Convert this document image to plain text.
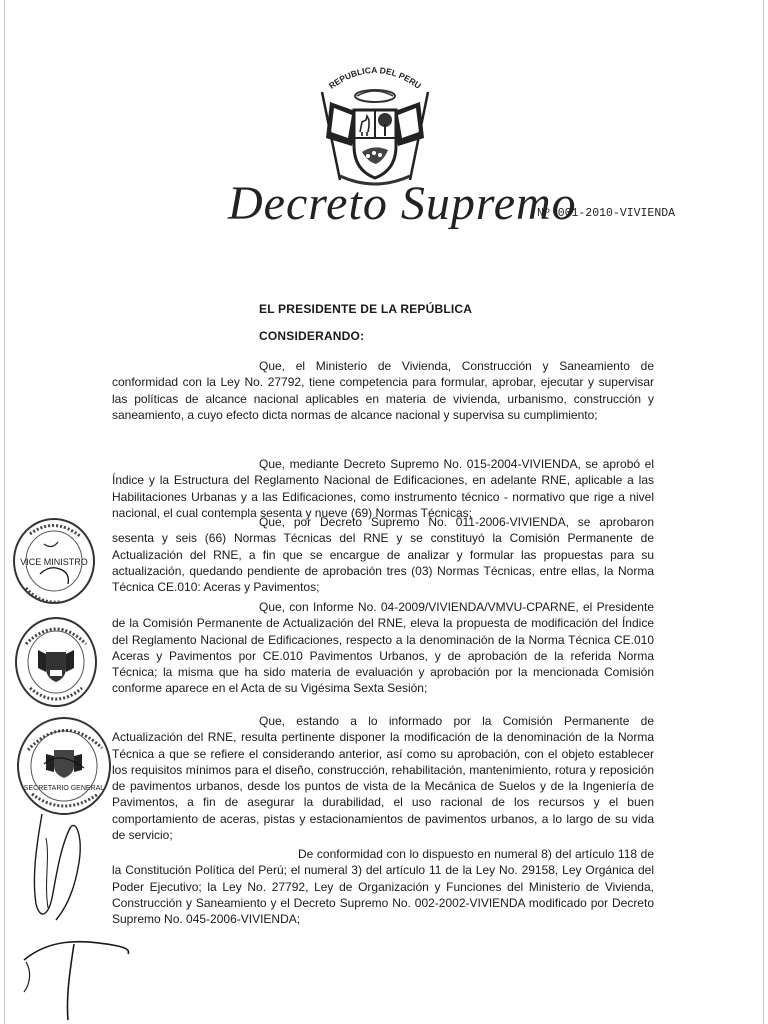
REPUBLICA DEL PERU
Decreto Supremo
Nº 001-2010-VIVIENDA
EL PRESIDENTE DE LA REPÚBLICA
CONSIDERANDO:

Que, el Ministerio de Vivienda, Construcción y Saneamiento de conformidad con la Ley No. 27792, tiene competencia para formular, aprobar, ejecutar y supervisar las políticas de alcance nacional aplicables en materia de vivienda, urbanismo, construcción y saneamiento, a cuyo efecto dicta normas de alcance nacional y supervisa su cumplimiento;

Que, mediante Decreto Supremo No. 015-2004-VIVIENDA, se aprobó el Índice y la Estructura del Reglamento Nacional de Edificaciones, en adelante RNE, aplicable a las Habilitaciones Urbanas y a las Edificaciones, como instrumento técnico - normativo que rige a nivel nacional, el cual contempla sesenta y nueve (69) Normas Técnicas;

Que, por Decreto Supremo No. 011-2006-VIVIENDA, se aprobaron sesenta y seis (66) Normas Técnicas del RNE y se constituyó la Comisión Permanente de Actualización del RNE, a fin que se encargue de analizar y formular las propuestas para su actualización, quedando pendiente de aprobación tres (03) Normas Técnicas, entre ellas, la Norma Técnica CE.010: Aceras y Pavimentos;

Que, con Informe No. 04-2009/VIVIENDA/VMVU-CPARNE, el Presidente de la Comisión Permanente de Actualización del RNE, eleva la propuesta de modificación del Índice del Reglamento Nacional de Edificaciones, respecto a la denominación de la Norma Técnica CE.010 Aceras y Pavimentos por CE.010 Pavimentos Urbanos, y de aprobación de la referida Norma Técnica; la misma que ha sido materia de evaluación y aprobación por la mencionada Comisión conforme aparece en el Acta de su Vigésima Sexta Sesión;

Que, estando a lo informado por la Comisión Permanente de Actualización del RNE, resulta pertinente disponer la modificación de la denominación de la Norma Técnica a que se refiere el considerando anterior, así como su aprobación, con el objeto establecer los requisitos mínimos para el diseño, construcción, rehabilitación, mantenimiento, rotura y reposición de pavimentos urbanos, desde los puntos de vista de la Mecánica de Suelos y de la Ingeniería de Pavimentos, a fin de asegurar la durabilidad, el uso racional de los recursos y el buen comportamiento de aceras, pistas y estacionamientos de pavimentos urbanos, a lo largo de su vida de servicio;

De conformidad con lo dispuesto en numeral 8) del artículo 118 de la Constitución Política del Perú; el numeral 3) del artículo 11 de la Ley No. 29158, Ley Orgánica del Poder Ejecutivo; la Ley No. 27792, Ley de Organización y Funciones del Ministerio de Vivienda, Construcción y Saneamiento y el Decreto Supremo No. 002-2002-VIVIENDA modificado por Decreto Supremo No. 045-2006-VIVIENDA;

VICE MINISTRO
SECRETARIO GENERAL
